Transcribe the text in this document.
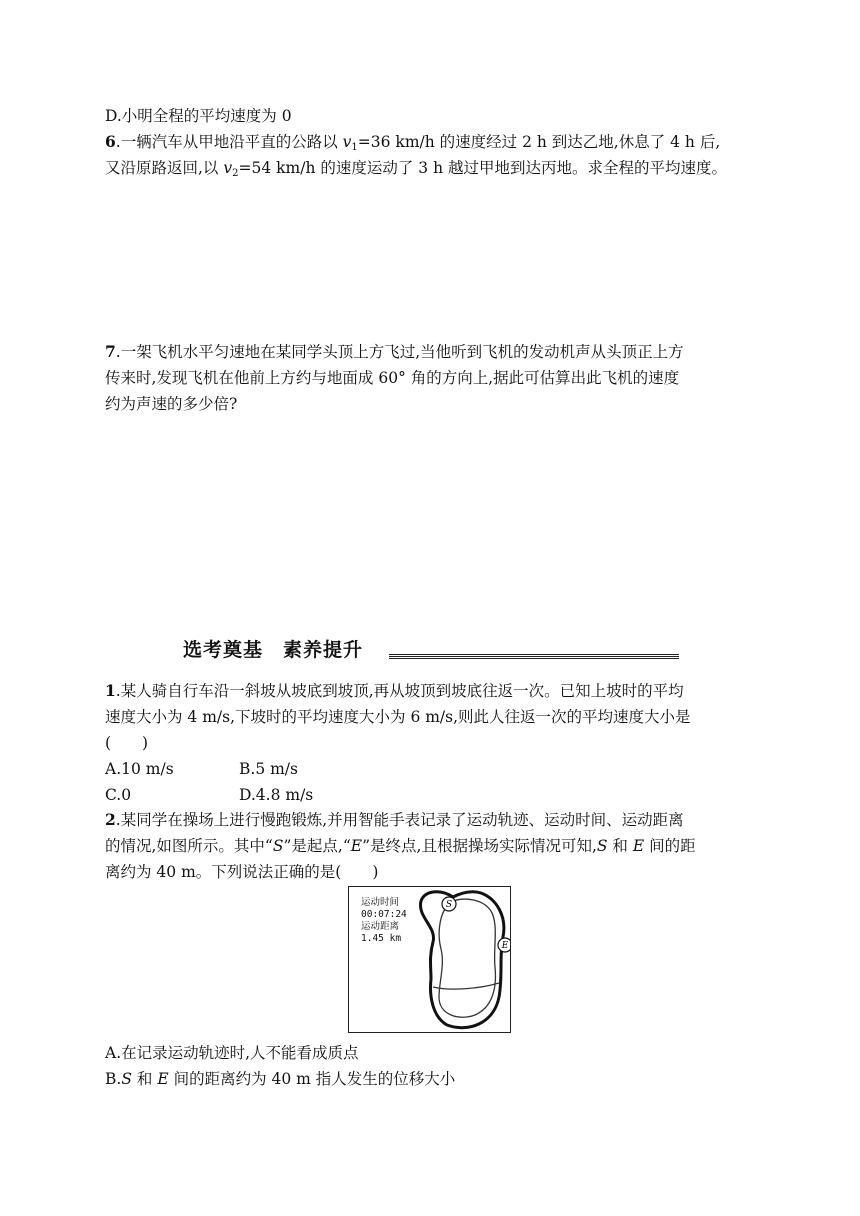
D.小明全程的平均速度为 0
6.一辆汽车从甲地沿平直的公路以 $v_1=36$ km/h 的速度经过 2 h 到达乙地,休息了 4 h 后,
又沿原路返回,以 $v_2=54$ km/h 的速度运动了 3 h 越过甲地到达丙地。求全程的平均速度。
7.一架飞机水平匀速地在某同学头顶上方飞过,当他听到飞机的发动机声从头顶正上方
传来时,发现飞机在他前上方约与地面成 60° 角的方向上,据此可估算出此飞机的速度
约为声速的多少倍?
选考奠基　素养提升
1.某人骑自行车沿一斜坡从坡底到坡顶,再从坡顶到坡底往返一次。已知上坡时的平均
速度大小为 4 m/s,下坡时的平均速度大小为 6 m/s,则此人往返一次的平均速度大小是
(　　)
A.10 m/s	B.5 m/s
C.0	D.4.8 m/s
2.某同学在操场上进行慢跑锻炼,并用智能手表记录了运动轨迹、运动时间、运动距离
的情况,如图所示。其中“S”是起点,“E”是终点,且根据操场实际情况可知,S 和 E 间的距
离约为 40 m。下列说法正确的是(　　)
运动时间
00:07:24
运动距离
1.45 km
S
E
A.在记录运动轨迹时,人不能看成质点
B.S 和 E 间的距离约为 40 m 指人发生的位移大小
